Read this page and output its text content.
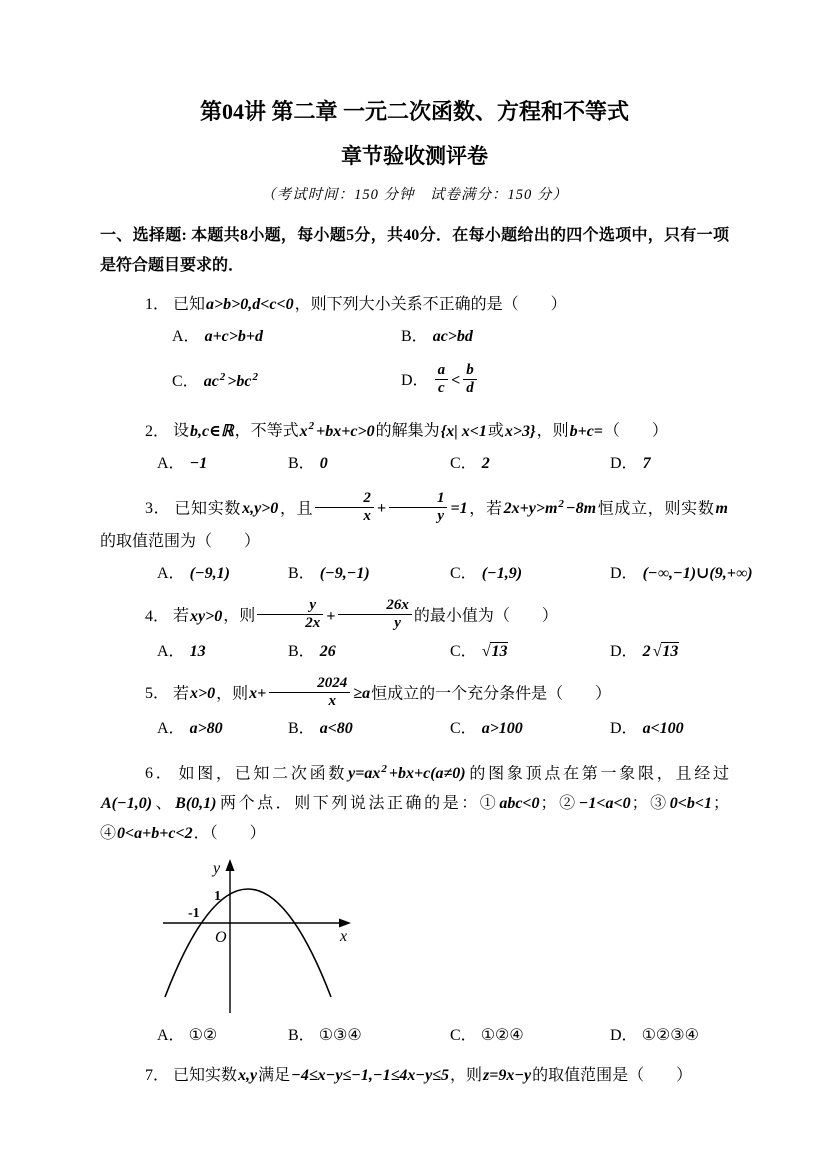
第04讲 第二章 一元二次函数、方程和不等式
章节验收测评卷
（考试时间：150 分钟　试卷满分：150 分）
一、选择题: 本题共8小题，每小题5分，共40分．在每小题给出的四个选项中，只有一项是符合题目要求的．

1． 已知a>b>0,d<c<0，则下列大小关系不正确的是（　　）

A． a+c>b+d	B． ac>bd
C． $ac^2 >bc^2$	D． $\frac{a}{c} < \frac{b}{d}$

2． 设b,c∈ℝ，不等式$x^2 +bx+c>0$的解集为{x| x<1或x>3}，则b+c=（　　）

A． −1	B． 0	C． 2	D． 7

3． 已知实数x,y>0，且 $\frac{2}{x} + \frac{1}{y} =1$，若$2x+y>m^2 -8m$恒成立，则实数m的取值范围为（　　）

A． (−9,1)	B． (−9,−1)	C． (−1,9)	D． (−∞,−1)∪(9,+∞)

4． 若xy>0，则 $\frac{y}{2x} + \frac{26x}{y}$ 的最小值为（　　）

A． 13	B． 26	C． √13	D． 2 √13

5． 若x>0，则$x+ \frac{2024}{x} \ge a$恒成立的一个充分条件是（　　）

A． a>80	B． a<80	C． a>100	D． a<100

6． 如图，已知二次函数$y=ax^2 +bx+c(a\ne 0)$的图象顶点在第一象限，且经过A(−1,0)、B(0,1)两个点．则下列说法正确的是：①abc<0；②−1<a<0；③0<b<1；④0<a+b+c<2．（　　）

y
x
O
1
-1
A． ①②	B． ①③④	C． ①②④	D． ①②③④

7． 已知实数x,y满足−4≤x−y≤−1,−1≤4x−y≤5，则z=9x−y的取值范围是（　　）
